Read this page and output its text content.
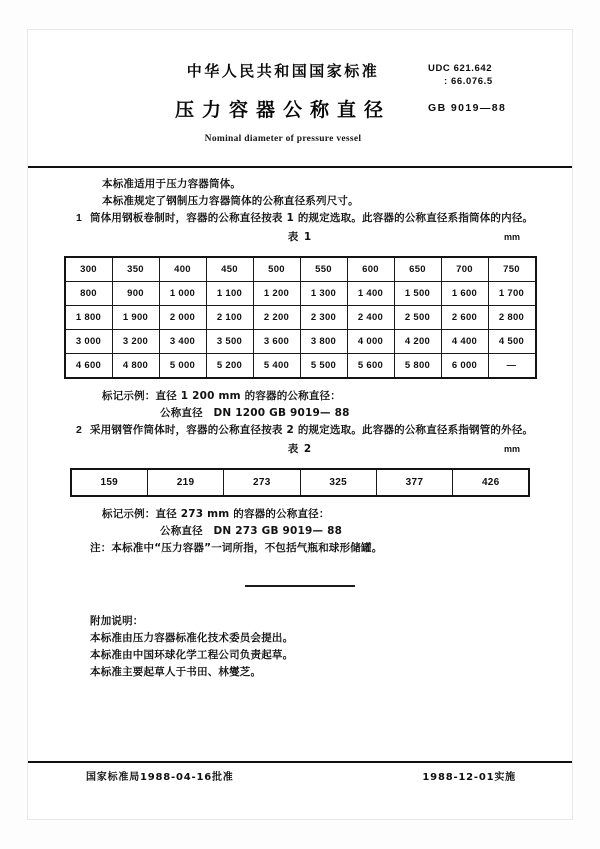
中华人民共和国国家标准
压力容器公称直径
Nominal diameter of pressure vessel
UDC 621.642
: 66.076.5
GB 9019—88
本标准适用于压力容器筒体。
本标准规定了钢制压力容器筒体的公称直径系列尺寸。
1 筒体用钢板卷制时，容器的公称直径按表 1 的规定选取。此容器的公称直径系指筒体的内径。
表 1	mm
300	350	400	450	500	550	600	650	700	750
800	900	1 000	1 100	1 200	1 300	1 400	1 500	1 600	1 700
1 800	1 900	2 000	2 100	2 200	2 300	2 400	2 500	2 600	2 800
3 000	3 200	3 400	3 500	3 600	3 800	4 000	4 200	4 400	4 500
4 600	4 800	5 000	5 200	5 400	5 500	5 600	5 800	6 000	—
标记示例：直径 1 200 mm 的容器的公称直径：
公称直径　DN 1200 GB 9019— 88
2 采用钢管作筒体时，容器的公称直径按表 2 的规定选取。此容器的公称直径系指钢管的外径。
表 2	mm
159	219	273	325	377	426
标记示例：直径 273 mm 的容器的公称直径：
公称直径　DN 273 GB 9019— 88
注：本标准中“压力容器”一词所指，不包括气瓶和球形储罐。
附加说明：
本标准由压力容器标准化技术委员会提出。
本标准由中国环球化学工程公司负责起草。
本标准主要起草人于书田、林燮芝。
国家标准局1988-04-16批准	1988-12-01实施
